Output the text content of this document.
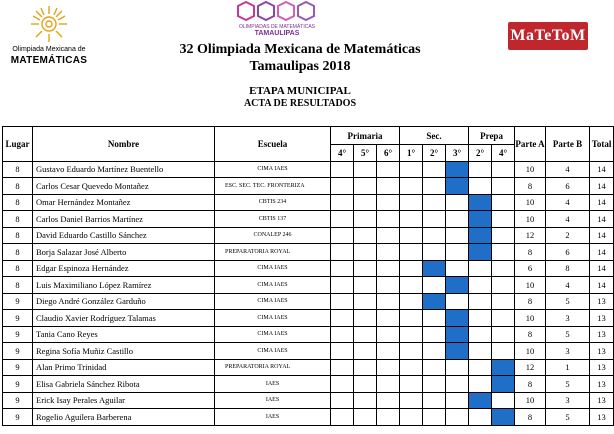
Olimpiada Mexicana de
MATEMÁTICAS
OLIMPIADAS DE MATEMÁTICAS
TAMAULIPAS	MaTeToM
32 Olimpiada Mexicana de Matemáticas
Tamaulipas 2018
ETAPA MUNICIPAL
ACTA DE RESULTADOS
Lugar	Nombre	Escuela	Primaria			Sec.			Prepa		Parte A	Parte B	Total
			4°	5°	6°	1°	2°	3°	2°	4°			
8	Gustavo Eduardo Martínez Buentello	CIMA IAES									10	4	14
8	Carlos Cesar Quevedo Montañez	ESC. SEC. TEC. FRONTERIZA									8	6	14
8	Omar Hernández Montañez	CBTIS 234									10	4	14
8	Carlos Daniel Barrios Martínez	CBTIS 137									10	4	14
8	David Eduardo Castillo Sánchez	CONALEP 246									12	2	14
8	Borja Salazar José Alberto	PREPARATORIA ROYAL									8	6	14
8	Edgar Espinoza Hernández	CIMA IAES									6	8	14
8	Luis Maximiliano López Ramírez	CIMA IAES									10	4	14
9	Diego André González Garduño	CIMA IAES									8	5	13
9	Claudio Xavier Rodríguez Talamas	CIMA IAES									10	3	13
9	Tania Cano Reyes	CIMA IAES									8	5	13
9	Regina Sofía Muñiz Castillo	CIMA IAES									10	3	13
9	Alan Primo Trinidad	PREPARATORIA ROYAL									12	1	13
9	Elisa Gabriela Sánchez Ribota	IAES									8	5	13
9	Erick Isay Perales Aguilar	IAES									10	3	13
9	Rogelio Aguilera Barberena	IAES									8	5	13
